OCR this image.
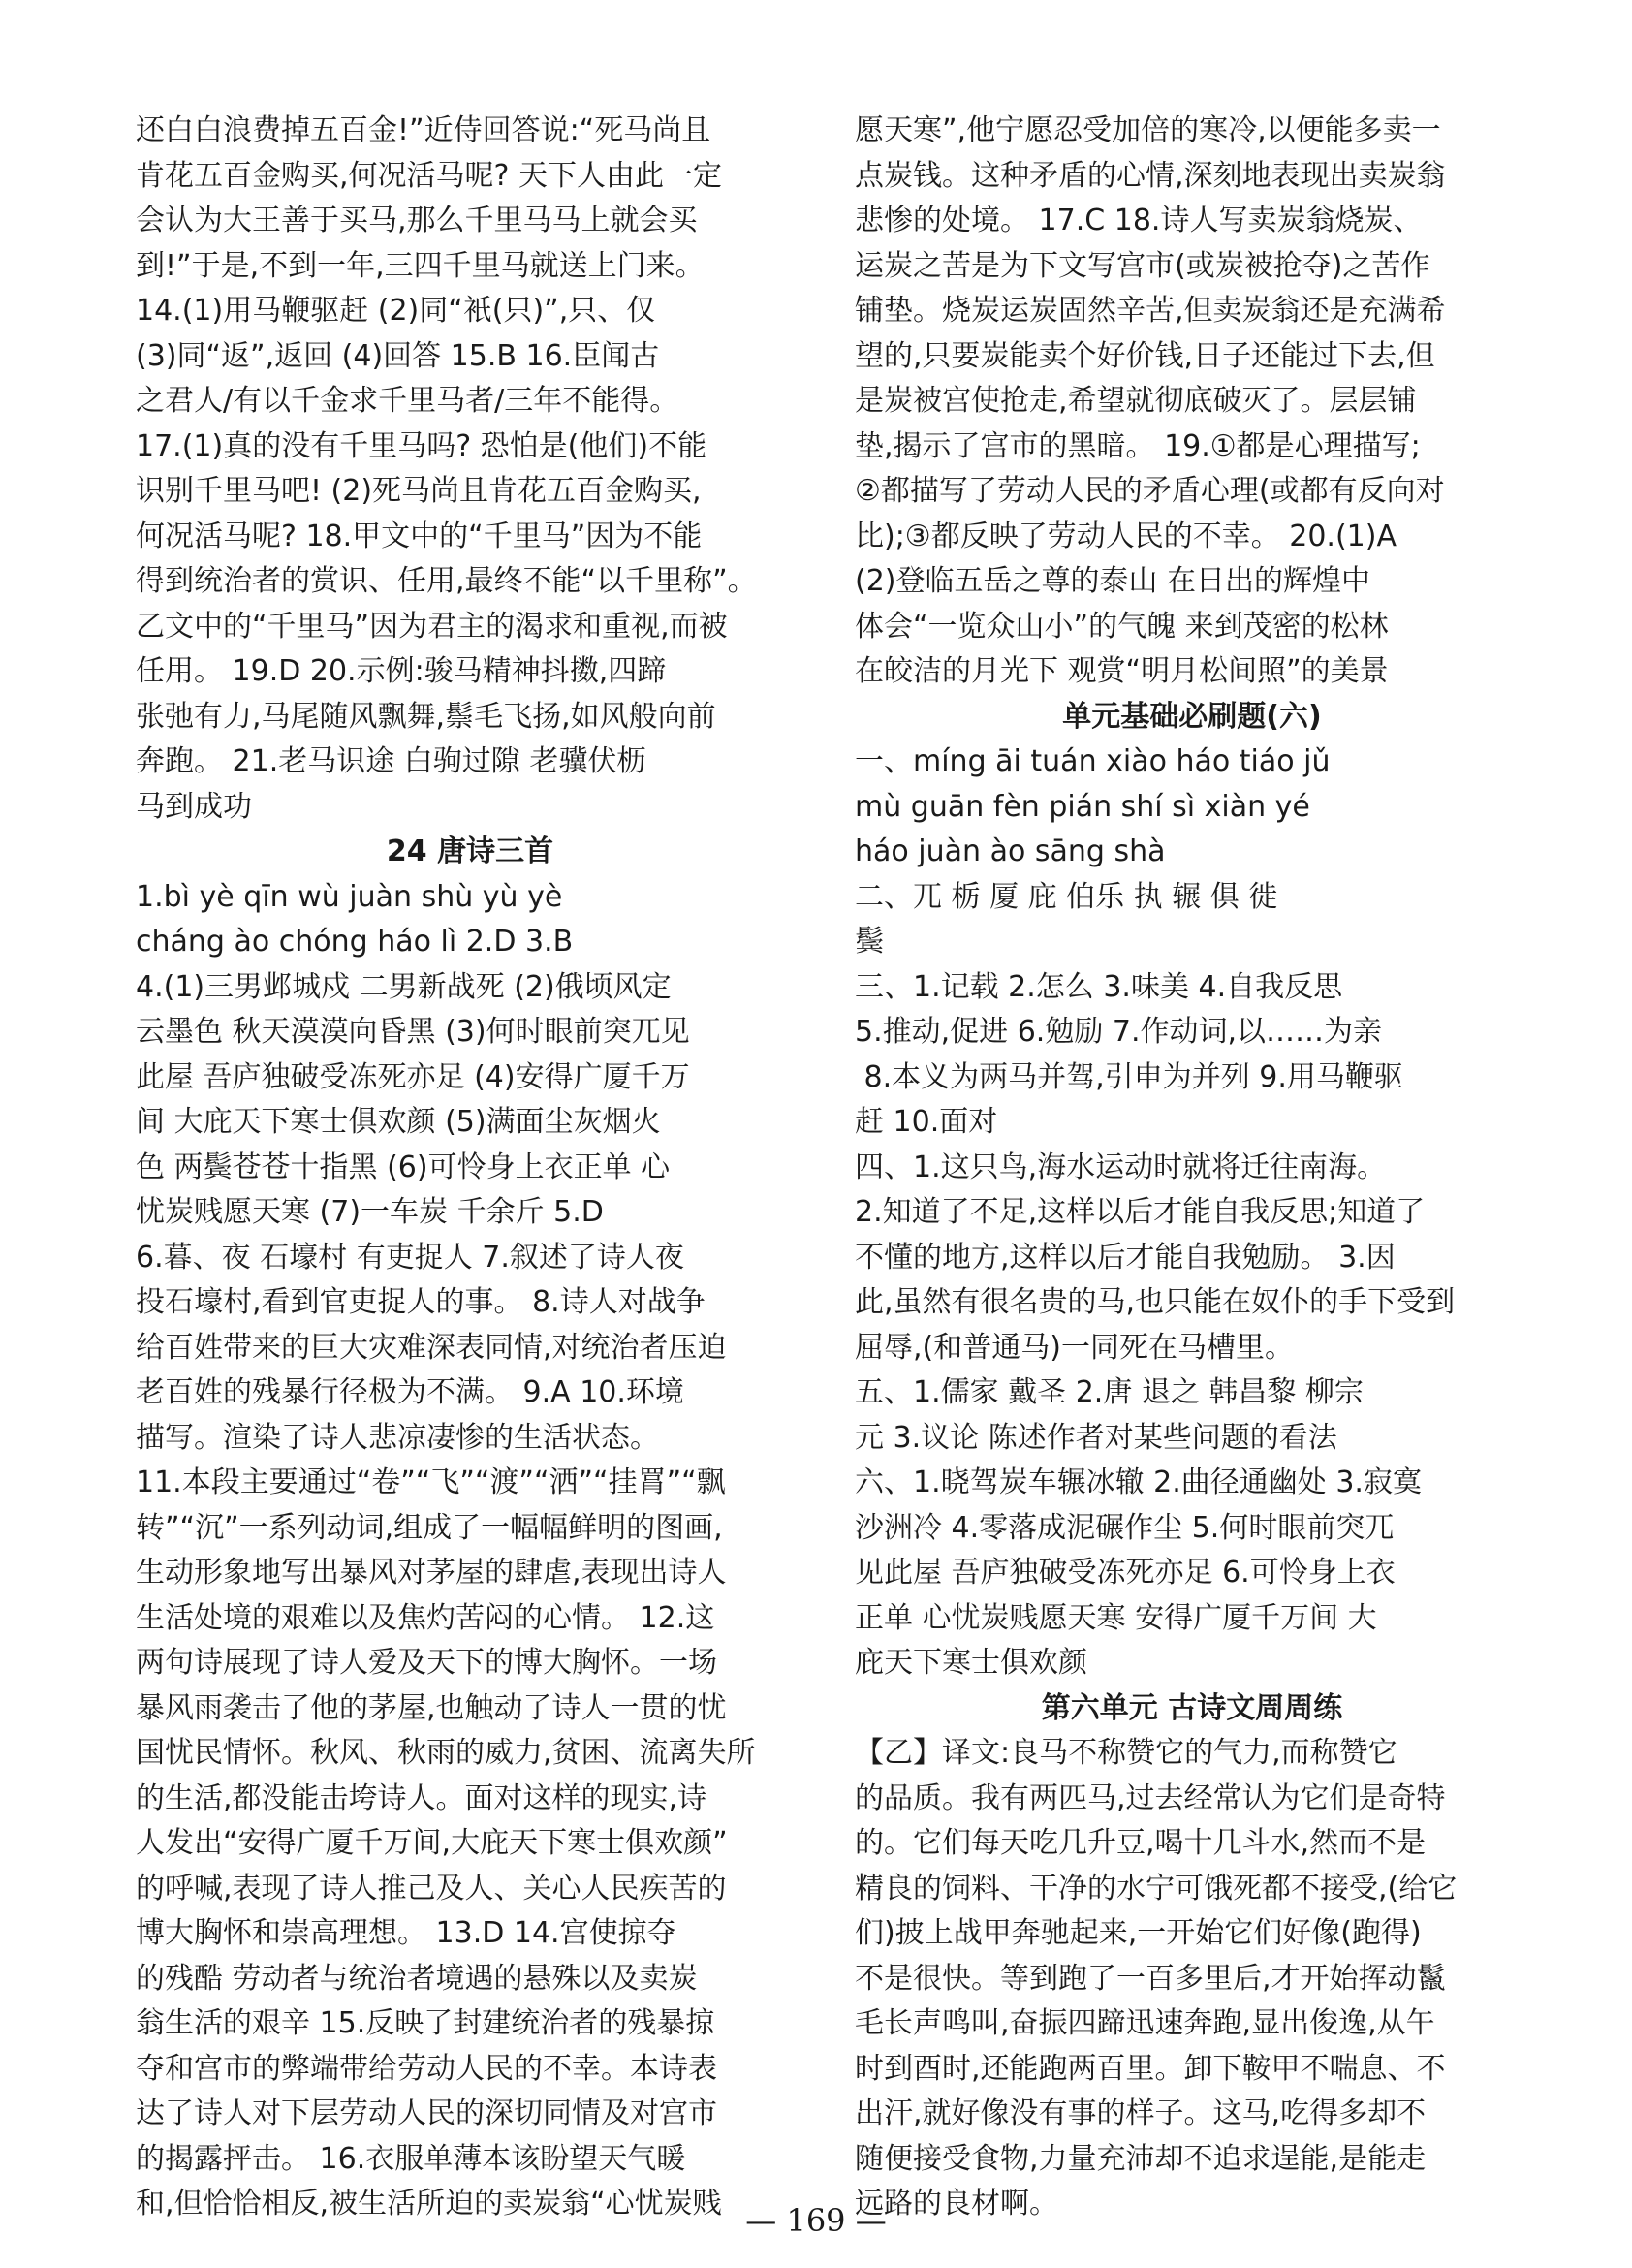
还白白浪费掉五百金!”近侍回答说:“死马尚且
肯花五百金购买,何况活马呢? 天下人由此一定
会认为大王善于买马,那么千里马马上就会买
到!”于是,不到一年,三四千里马就送上门来。
14.(1)用马鞭驱赶 (2)同“衹(只)”,只、仅
(3)同“返”,返回 (4)回答 15.B 16.臣闻古
之君人/有以千金求千里马者/三年不能得。
17.(1)真的没有千里马吗? 恐怕是(他们)不能
识别千里马吧! (2)死马尚且肯花五百金购买,
何况活马呢? 18.甲文中的“千里马”因为不能
得到统治者的赏识、任用,最终不能“以千里称”。
乙文中的“千里马”因为君主的渴求和重视,而被
任用。 19.D 20.示例:骏马精神抖擞,四蹄
张弛有力,马尾随风飘舞,鬃毛飞扬,如风般向前
奔跑。 21.老马识途 白驹过隙 老骥伏枥
马到成功
24 唐诗三首
1.bì yè qīn wù juàn shù yù yè
cháng ào chóng háo lì 2.D 3.B
4.(1)三男邺城戍 二男新战死 (2)俄顷风定
云墨色 秋天漠漠向昏黑 (3)何时眼前突兀见
此屋 吾庐独破受冻死亦足 (4)安得广厦千万
间 大庇天下寒士俱欢颜 (5)满面尘灰烟火
色 两鬓苍苍十指黑 (6)可怜身上衣正单 心
忧炭贱愿天寒 (7)一车炭 千余斤 5.D
6.暮、夜 石壕村 有吏捉人 7.叙述了诗人夜
投石壕村,看到官吏捉人的事。 8.诗人对战争
给百姓带来的巨大灾难深表同情,对统治者压迫
老百姓的残暴行径极为不满。 9.A 10.环境
描写。渲染了诗人悲凉凄惨的生活状态。
11.本段主要通过“卷”“飞”“渡”“洒”“挂罥”“飘
转”“沉”一系列动词,组成了一幅幅鲜明的图画,
生动形象地写出暴风对茅屋的肆虐,表现出诗人
生活处境的艰难以及焦灼苦闷的心情。 12.这
两句诗展现了诗人爱及天下的博大胸怀。一场
暴风雨袭击了他的茅屋,也触动了诗人一贯的忧
国忧民情怀。秋风、秋雨的威力,贫困、流离失所
的生活,都没能击垮诗人。面对这样的现实,诗
人发出“安得广厦千万间,大庇天下寒士俱欢颜”
的呼喊,表现了诗人推己及人、关心人民疾苦的
博大胸怀和崇高理想。 13.D 14.宫使掠夺
的残酷 劳动者与统治者境遇的悬殊以及卖炭
翁生活的艰辛 15.反映了封建统治者的残暴掠
夺和宫市的弊端带给劳动人民的不幸。本诗表
达了诗人对下层劳动人民的深切同情及对宫市
的揭露抨击。 16.衣服单薄本该盼望天气暖
和,但恰恰相反,被生活所迫的卖炭翁“心忧炭贱
愿天寒”,他宁愿忍受加倍的寒冷,以便能多卖一
点炭钱。这种矛盾的心情,深刻地表现出卖炭翁
悲惨的处境。 17.C 18.诗人写卖炭翁烧炭、
运炭之苦是为下文写宫市(或炭被抢夺)之苦作
铺垫。烧炭运炭固然辛苦,但卖炭翁还是充满希
望的,只要炭能卖个好价钱,日子还能过下去,但
是炭被宫使抢走,希望就彻底破灭了。层层铺
垫,揭示了宫市的黑暗。 19.①都是心理描写;
②都描写了劳动人民的矛盾心理(或都有反向对
比);③都反映了劳动人民的不幸。 20.(1)A
(2)登临五岳之尊的泰山 在日出的辉煌中
体会“一览众山小”的气魄 来到茂密的松林
在皎洁的月光下 观赏“明月松间照”的美景
单元基础必刷题(六)
一、míng āi tuán xiào háo tiáo jǔ
mù guān fèn pián shí sì xiàn yé
háo juàn ào sāng shà
二、兀 栃 厦 庇 伯乐 执 辗 俱 徙
鬓
三、1.记载 2.怎么 3.味美 4.自我反思
5.推动,促进 6.勉励 7.作动词,以……为亲
8.本义为两马并驾,引申为并列 9.用马鞭驱
赶 10.面对
四、1.这只鸟,海水运动时就将迁往南海。
2.知道了不足,这样以后才能自我反思;知道了
不懂的地方,这样以后才能自我勉励。 3.因
此,虽然有很名贵的马,也只能在奴仆的手下受到
屈辱,(和普通马)一同死在马槽里。
五、1.儒家 戴圣 2.唐 退之 韩昌黎 柳宗
元 3.议论 陈述作者对某些问题的看法
六、1.晓驾炭车辗冰辙 2.曲径通幽处 3.寂寞
沙洲冷 4.零落成泥碾作尘 5.何时眼前突兀
见此屋 吾庐独破受冻死亦足 6.可怜身上衣
正单 心忧炭贱愿天寒 安得广厦千万间 大
庇天下寒士俱欢颜
第六单元 古诗文周周练
【乙】译文:良马不称赞它的气力,而称赞它
的品质。我有两匹马,过去经常认为它们是奇特
的。它们每天吃几升豆,喝十几斗水,然而不是
精良的饲料、干净的水宁可饿死都不接受,(给它
们)披上战甲奔驰起来,一开始它们好像(跑得)
不是很快。等到跑了一百多里后,才开始挥动鬣
毛长声鸣叫,奋振四蹄迅速奔跑,显出俊逸,从午
时到酉时,还能跑两百里。卸下鞍甲不喘息、不
出汗,就好像没有事的样子。这马,吃得多却不
随便接受食物,力量充沛却不追求逞能,是能走
远路的良材啊。
— 169 —
